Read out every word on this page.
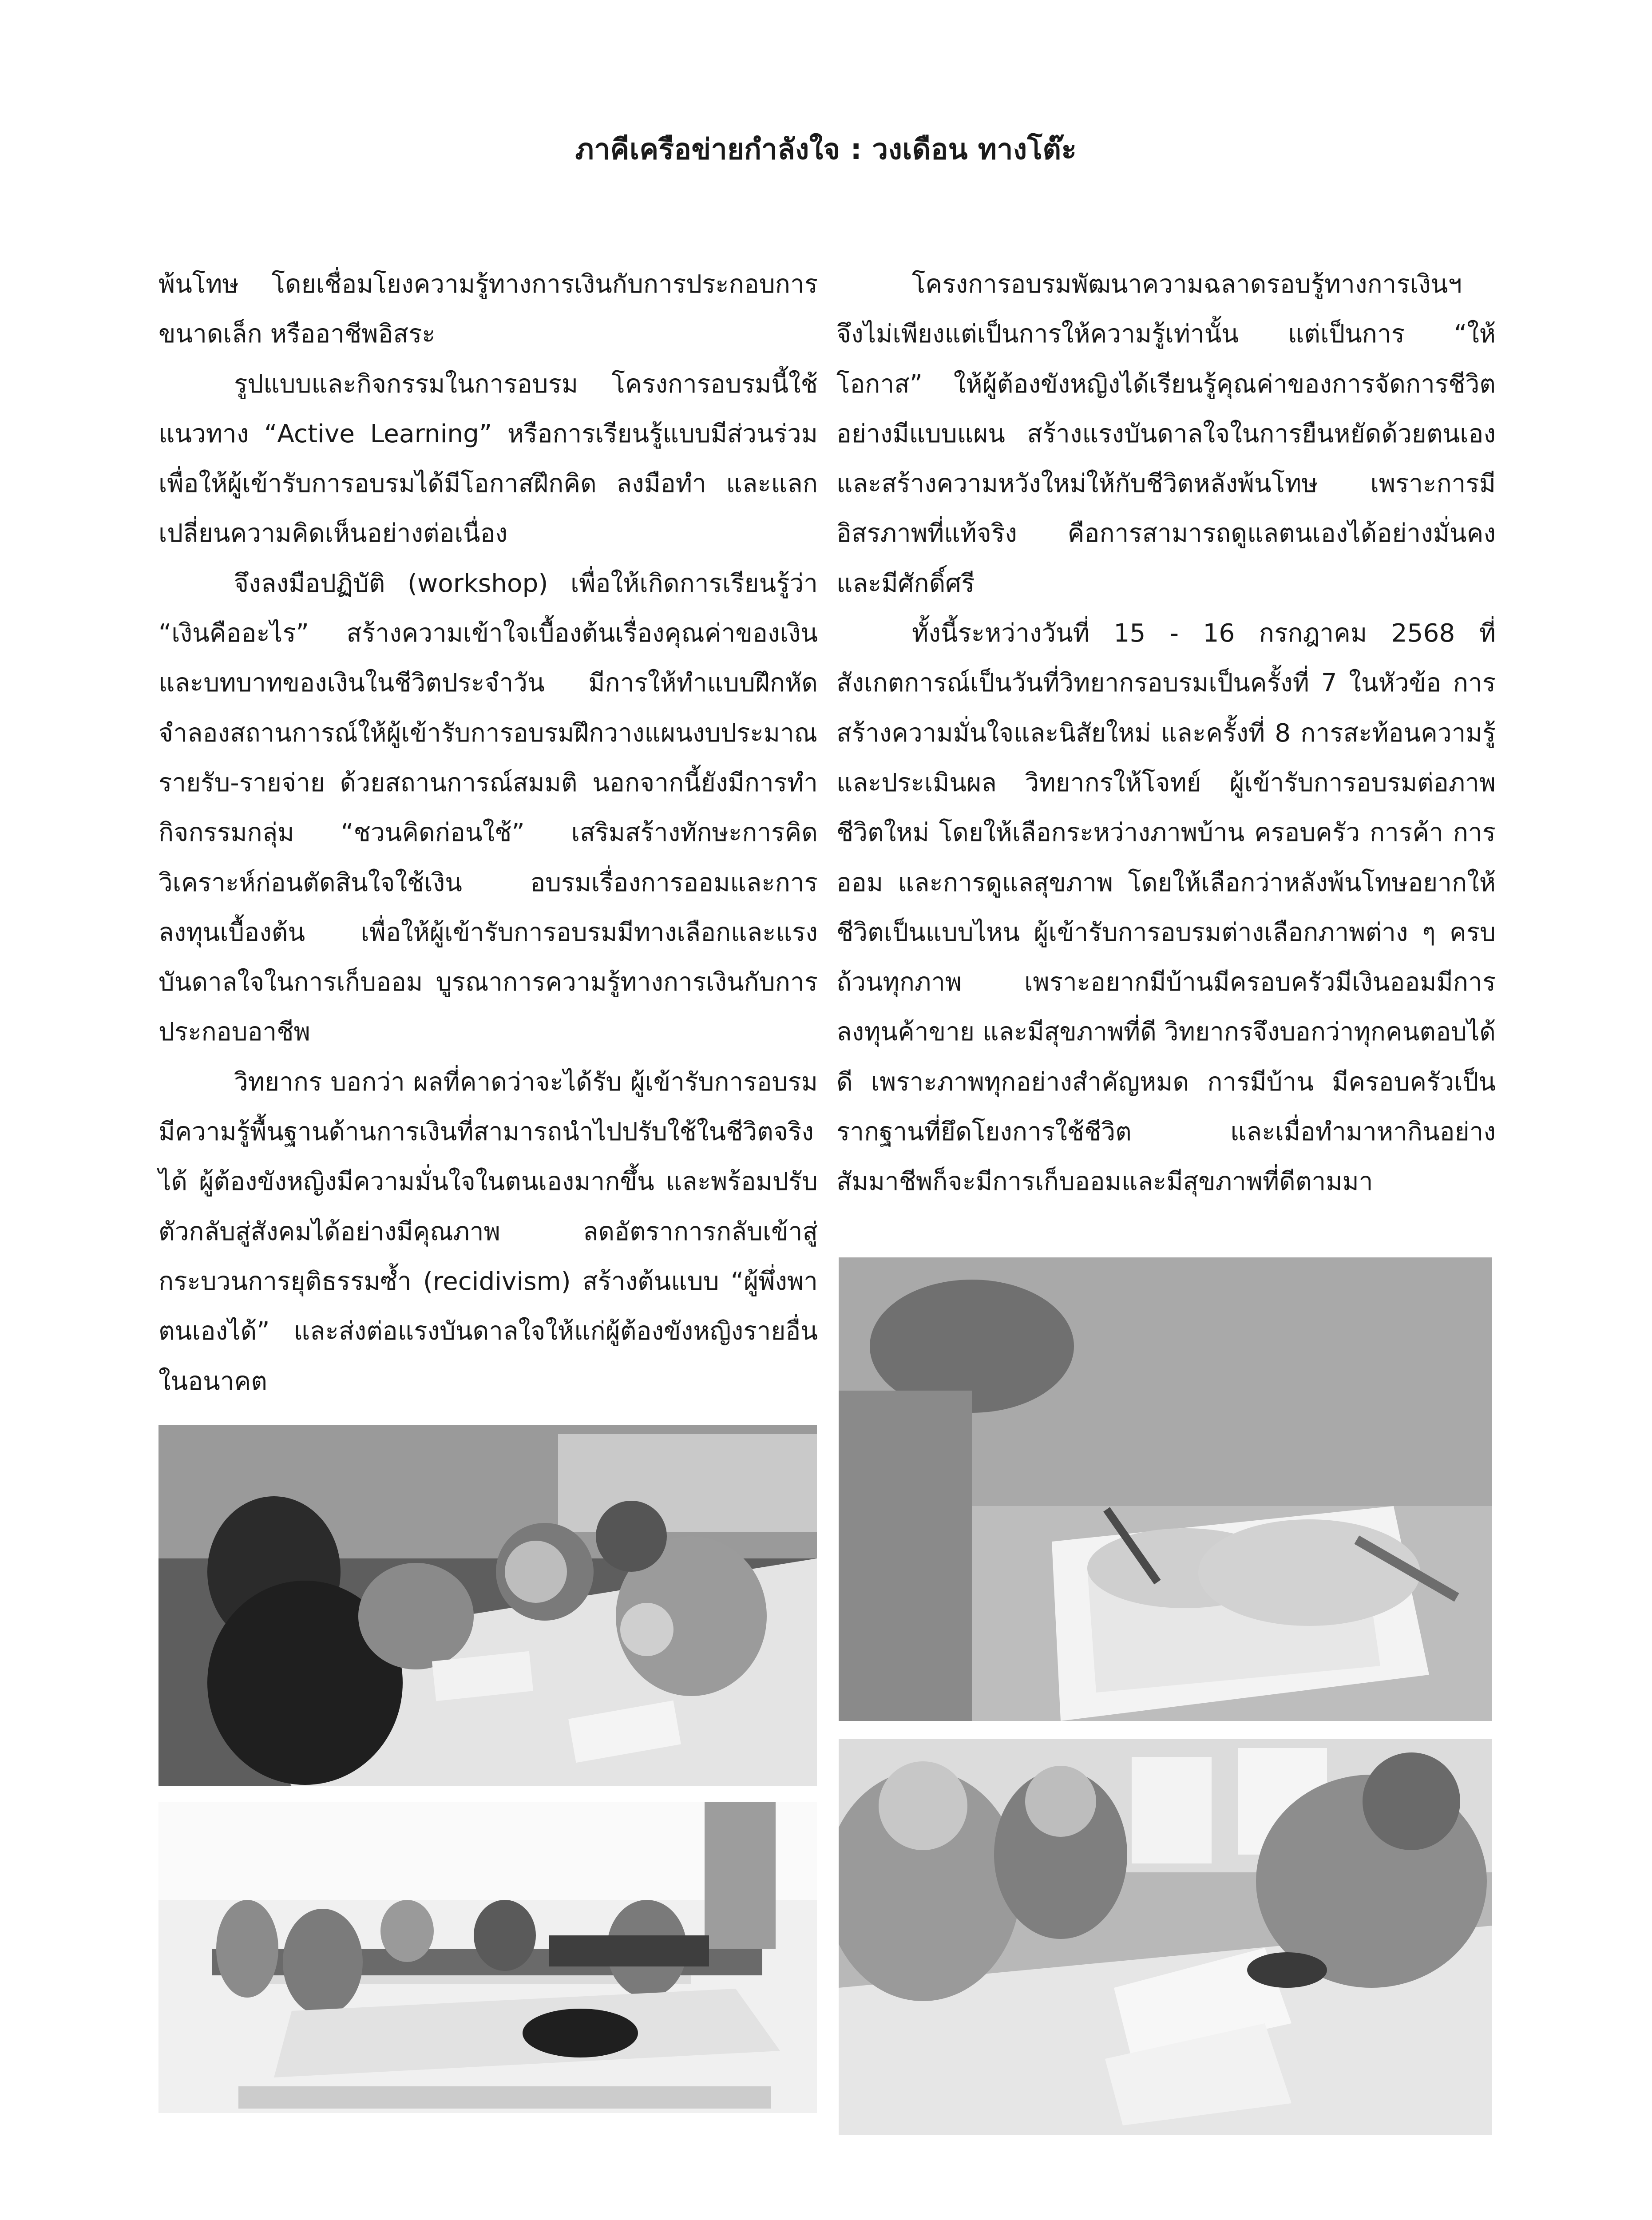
ภาคีเครือข่ายกำลังใจ : วงเดือน ทางโต๊ะ

พ้นโทษ โดยเชื่อมโยงความรู้ทางการเงินกับการประกอบการขนาดเล็ก หรืออาชีพอิสระ

รูปแบบและกิจกรรมในการอบรม โครงการอบรมนี้ใช้แนวทาง “Active Learning” หรือการเรียนรู้แบบมีส่วนร่วม เพื่อให้ผู้เข้ารับการอบรมได้มีโอกาสฝึกคิด ลงมือทำ และแลกเปลี่ยนความคิดเห็นอย่างต่อเนื่อง

จึงลงมือปฏิบัติ (workshop) เพื่อให้เกิดการเรียนรู้ว่า “เงินคืออะไร” สร้างความเข้าใจเบื้องต้นเรื่องคุณค่าของเงินและบทบาทของเงินในชีวิตประจำวัน มีการให้ทำแบบฝึกหัดจำลองสถานการณ์ให้ผู้เข้ารับการอบรมฝึกวางแผนงบประมาณรายรับ-รายจ่าย ด้วยสถานการณ์สมมติ นอกจากนี้ยังมีการทำกิจกรรมกลุ่ม “ชวนคิดก่อนใช้” เสริมสร้างทักษะการคิดวิเคราะห์ก่อนตัดสินใจใช้เงิน อบรมเรื่องการออมและการลงทุนเบื้องต้น เพื่อให้ผู้เข้ารับการอบรมมีทางเลือกและแรงบันดาลใจในการเก็บออม บูรณาการความรู้ทางการเงินกับการประกอบอาชีพ

วิทยากร บอกว่า ผลที่คาดว่าจะได้รับ ผู้เข้ารับการอบรมมีความรู้พื้นฐานด้านการเงินที่สามารถนำไปปรับใช้ในชีวิตจริงได้ ผู้ต้องขังหญิงมีความมั่นใจในตนเองมากขึ้น และพร้อมปรับตัวกลับสู่สังคมได้อย่างมีคุณภาพ ลดอัตราการกลับเข้าสู่กระบวนการยุติธรรมซ้ำ (recidivism) สร้างต้นแบบ “ผู้พึ่งพาตนเองได้” และส่งต่อแรงบันดาลใจให้แก่ผู้ต้องขังหญิงรายอื่นในอนาคต

โครงการอบรมพัฒนาความฉลาดรอบรู้ทางการเงินฯ จึงไม่เพียงแต่เป็นการให้ความรู้เท่านั้น แต่เป็นการ “ให้โอกาส” ให้ผู้ต้องขังหญิงได้เรียนรู้คุณค่าของการจัดการชีวิตอย่างมีแบบแผน สร้างแรงบันดาลใจในการยืนหยัดด้วยตนเอง และสร้างความหวังใหม่ให้กับชีวิตหลังพ้นโทษ เพราะการมีอิสรภาพที่แท้จริง คือการสามารถดูแลตนเองได้อย่างมั่นคงและมีศักดิ์ศรี

ทั้งนี้ระหว่างวันที่ 15 - 16 กรกฎาคม 2568 ที่สังเกตการณ์เป็นวันที่วิทยากรอบรมเป็นครั้งที่ 7 ในหัวข้อ การสร้างความมั่นใจและนิสัยใหม่ และครั้งที่ 8 การสะท้อนความรู้และประเมินผล วิทยากรให้โจทย์ ผู้เข้ารับการอบรมต่อภาพชีวิตใหม่ โดยให้เลือกระหว่างภาพบ้าน ครอบครัว การค้า การออม และการดูแลสุขภาพ โดยให้เลือกว่าหลังพ้นโทษอยากให้ชีวิตเป็นแบบไหน ผู้เข้ารับการอบรมต่างเลือกภาพต่าง ๆ ครบถ้วนทุกภาพ เพราะอยากมีบ้านมีครอบครัวมีเงินออมมีการลงทุนค้าขาย และมีสุขภาพที่ดี วิทยากรจึงบอกว่าทุกคนตอบได้ดี เพราะภาพทุกอย่างสำคัญหมด การมีบ้าน มีครอบครัวเป็นรากฐานที่ยึดโยงการใช้ชีวิต และเมื่อทำมาหากินอย่างสัมมาชีพก็จะมีการเก็บออมและมีสุขภาพที่ดีตามมา
